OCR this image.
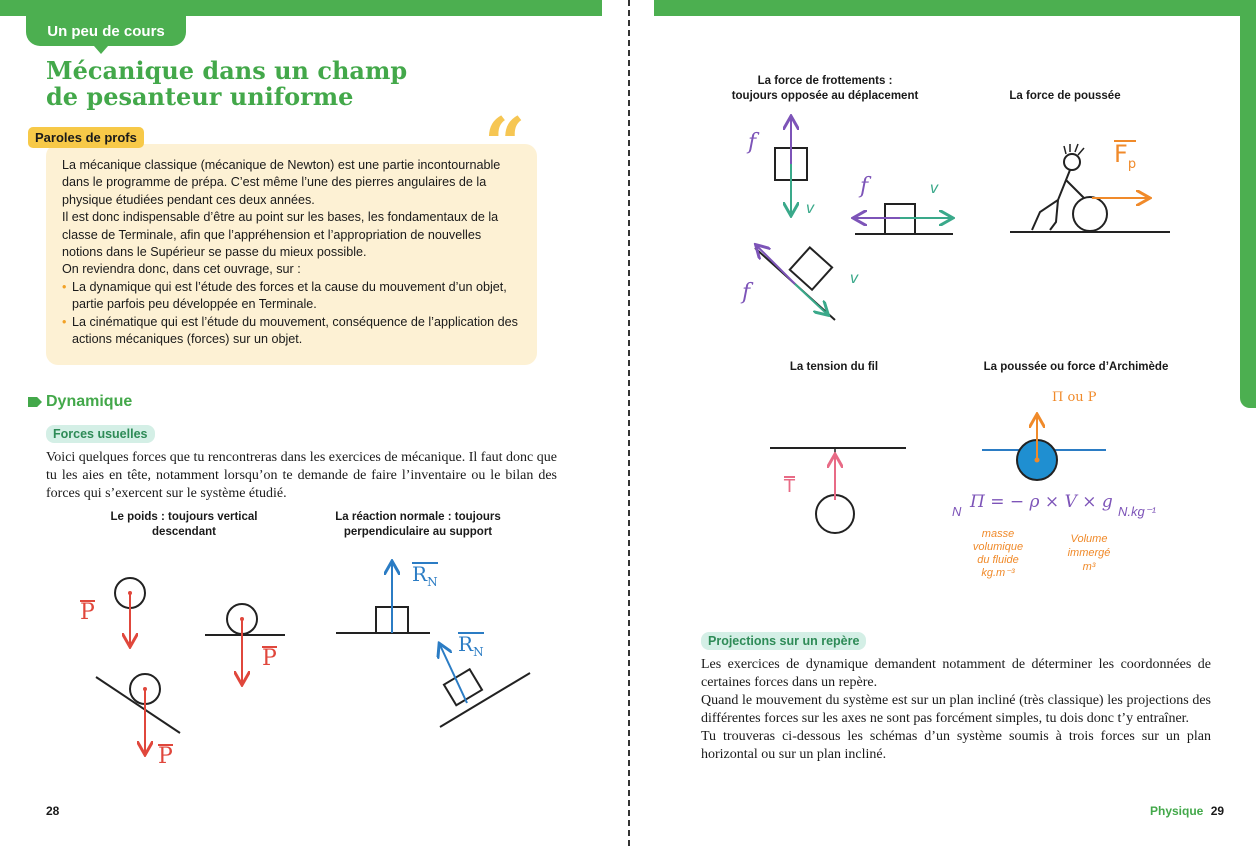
Un peu de cours
Mécanique dans un champ
de pesanteur uniforme
Paroles de profs	“

La mécanique classique (mécanique de Newton) est une partie incontournable dans le programme de prépa. C’est même l’une des pierres angulaires de la physique étudiées pendant ces deux années.

Il est donc indispensable d’être au point sur les bases, les fondamentaux de la classe de Terminale, afin que l’appréhension et l’appropriation de nouvelles notions dans le Supérieur se passe du mieux possible.

On reviendra donc, dans cet ouvrage, sur :

• La dynamique qui est l’étude des forces et la cause du mouvement d’un objet, partie parfois peu développée en Terminale.

• La cinématique qui est l’étude du mouvement, conséquence de l’application des actions mécaniques (forces) sur un objet.

Dynamique
Forces usuelles
Voici quelques forces que tu rencontreras dans les exercices de mécanique. Il faut donc que tu les aies en tête, notamment lorsqu’on te demande de faire l’inventaire ou le bilan des forces qui s’exercent sur le système étudié.
Le poids : toujours vertical
descendant
La réaction normale : toujours
perpendiculaire au support
P
P
P
$R_N$
$R_N$
28
La force de frottements :
toujours opposée au déplacement	La force de poussée
f
f
f
v
v
v
$F_p$
La tension du fil	La poussée ou force d’Archimède
T
Π ou P
Π = − ρ × V × g
N	N.kg⁻¹
masse
volumique
du fluide
kg.m⁻³
Volume
immergé
m³
Projections sur un repère
Les exercices de dynamique demandent notamment de déterminer les coordonnées de certaines forces dans un repère.
Quand le mouvement du système est sur un plan incliné (très classique) les projections des différentes forces sur les axes ne sont pas forcément simples, tu dois donc t’y entraîner.
Tu trouveras ci-dessous les schémas d’un système soumis à trois forces sur un plan horizontal ou sur un plan incliné.
Physique 29
